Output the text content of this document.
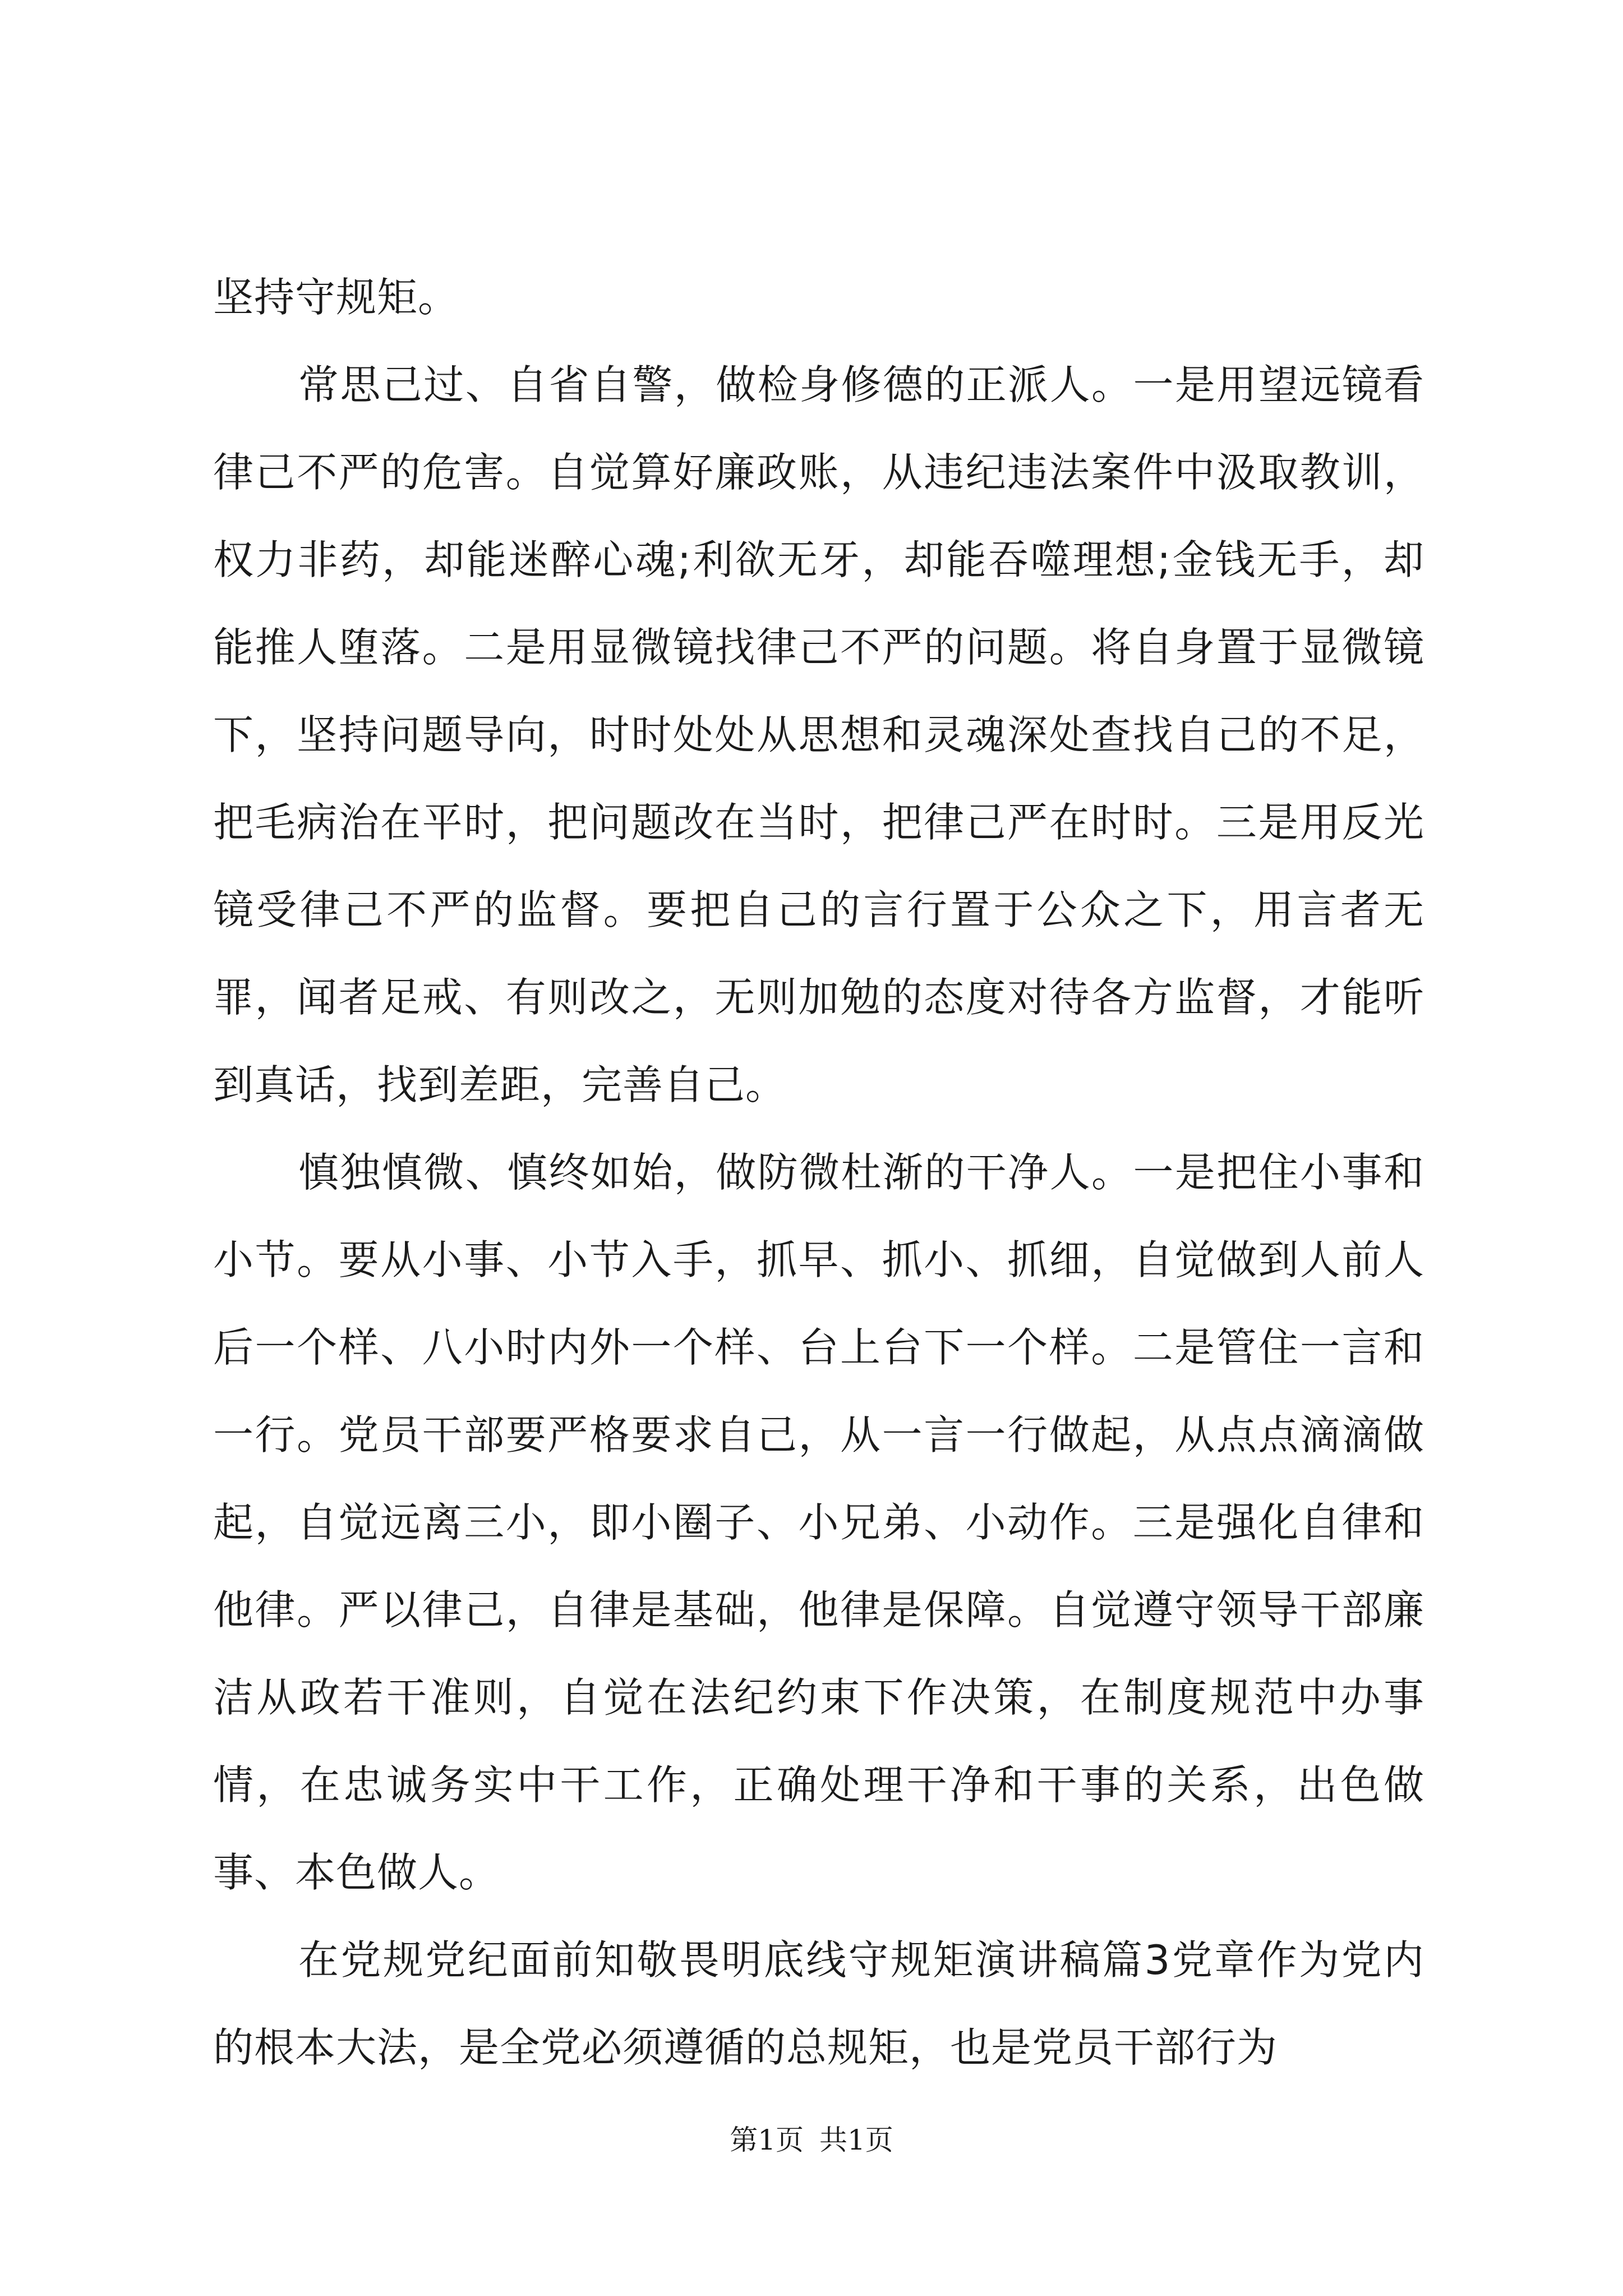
坚持守规矩。

常思己过、自省自警，做检身修德的正派人。一是用望远镜看律己不严的危害。自觉算好廉政账，从违纪违法案件中汲取教训，权力非药，却能迷醉心魂;利欲无牙，却能吞噬理想;金钱无手，却能推人堕落。二是用显微镜找律己不严的问题。将自身置于显微镜下，坚持问题导向，时时处处从思想和灵魂深处查找自己的不足，把毛病治在平时，把问题改在当时，把律己严在时时。三是用反光镜受律己不严的监督。要把自己的言行置于公众之下，用言者无罪，闻者足戒、有则改之，无则加勉的态度对待各方监督，才能听到真话，找到差距，完善自己。

慎独慎微、慎终如始，做防微杜渐的干净人。一是把住小事和小节。要从小事、小节入手，抓早、抓小、抓细，自觉做到人前人后一个样、八小时内外一个样、台上台下一个样。二是管住一言和一行。党员干部要严格要求自己，从一言一行做起，从点点滴滴做起，自觉远离三小，即小圈子、小兄弟、小动作。三是强化自律和他律。严以律己，自律是基础，他律是保障。自觉遵守领导干部廉洁从政若干准则，自觉在法纪约束下作决策，在制度规范中办事情，在忠诚务实中干工作，正确处理干净和干事的关系，出色做事、本色做人。

在党规党纪面前知敬畏明底线守规矩演讲稿篇3党章作为党内的根本大法，是全党必须遵循的总规矩，也是党员干部行为

第1页 共1页
